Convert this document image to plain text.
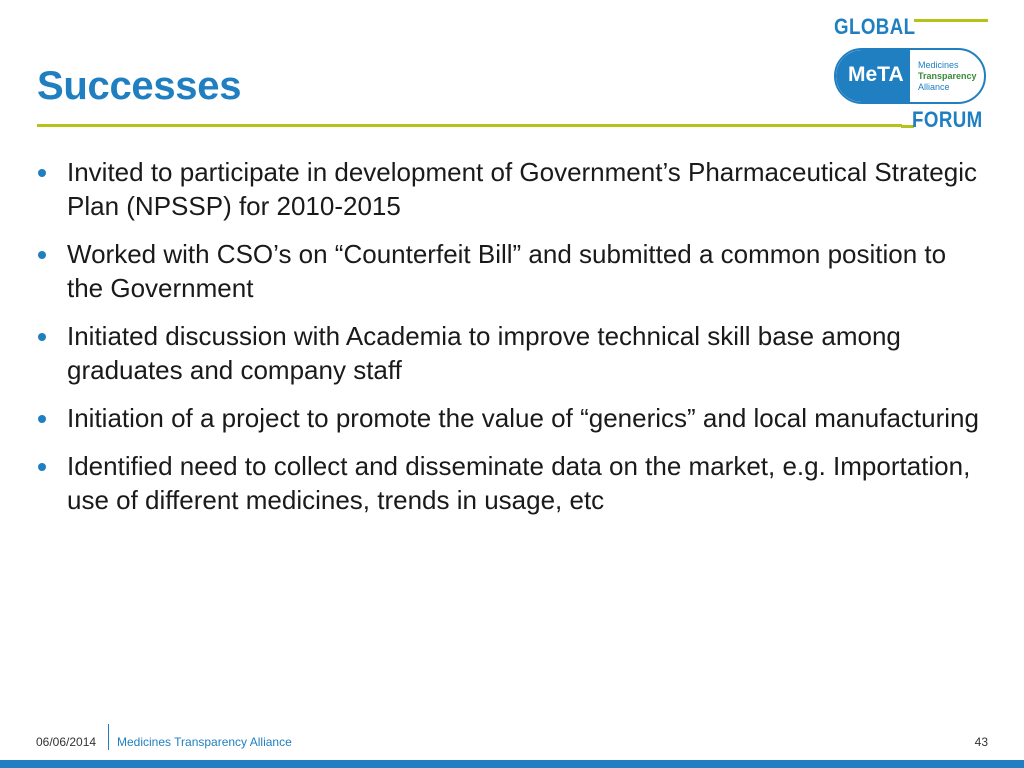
Successes
GLOBAL
MeTA Medicines
Transparency
Alliance
FORUM
Invited to participate in development of Government’s Pharmaceutical Strategic Plan (NPSSP) for 2010-2015
Worked with CSO’s on “Counterfeit Bill” and submitted a common position to the Government
Initiated discussion with Academia to improve technical skill base among graduates and company staff
Initiation of a project to promote the value of “generics” and local manufacturing
Identified need to collect and disseminate data on the market, e.g. Importation, use of different medicines, trends in usage, etc
06/06/2014 Medicines Transparency Alliance	43
